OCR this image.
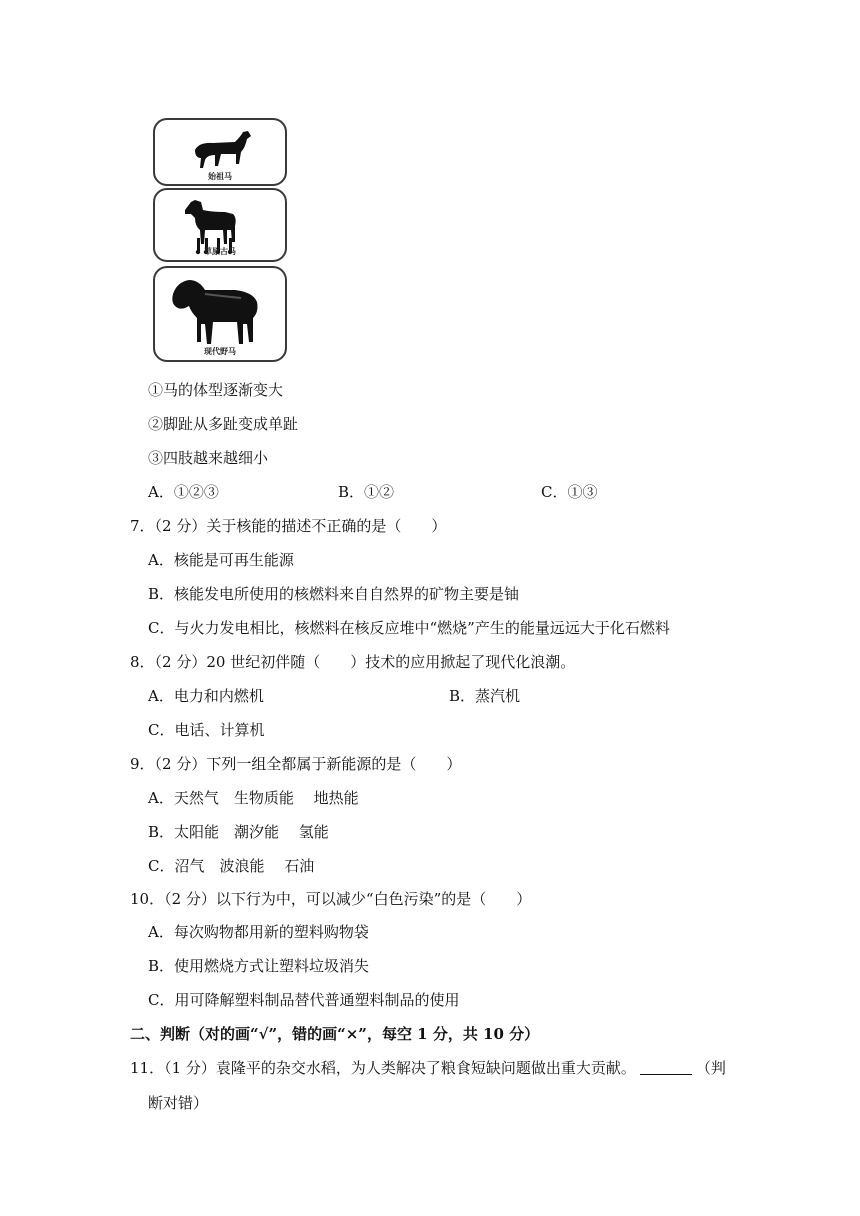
始祖马
草原古马
现代野马
①马的体型逐渐变大
②脚趾从多趾变成单趾
③四肢越来越细小
A．①②③	B．①②	C．①③
7．（2 分）关于核能的描述不正确的是（　　）
A．核能是可再生能源
B．核能发电所使用的核燃料来自自然界的矿物主要是铀
C．与火力发电相比，核燃料在核反应堆中“燃烧”产生的能量远远大于化石燃料
8．（2 分）20 世纪初伴随（　　）技术的应用掀起了现代化浪潮。
A．电力和内燃机	B．蒸汽机
C．电话、计算机
9．（2 分）下列一组全都属于新能源的是（　　）
A．天然气　生物质能　 地热能
B．太阳能　潮汐能　 氢能
C．沼气　波浪能　 石油
10．（2 分）以下行为中，可以减少“白色污染”的是（　　）
A．每次购物都用新的塑料购物袋
B．使用燃烧方式让塑料垃圾消失
C．用可降解塑料制品替代普通塑料制品的使用
二、判断（对的画“√”，错的画“×”，每空 1 分，共 10 分）
11．（1 分）袁隆平的杂交水稻，为人类解决了粮食短缺问题做出重大贡献。	（判
断对错）
